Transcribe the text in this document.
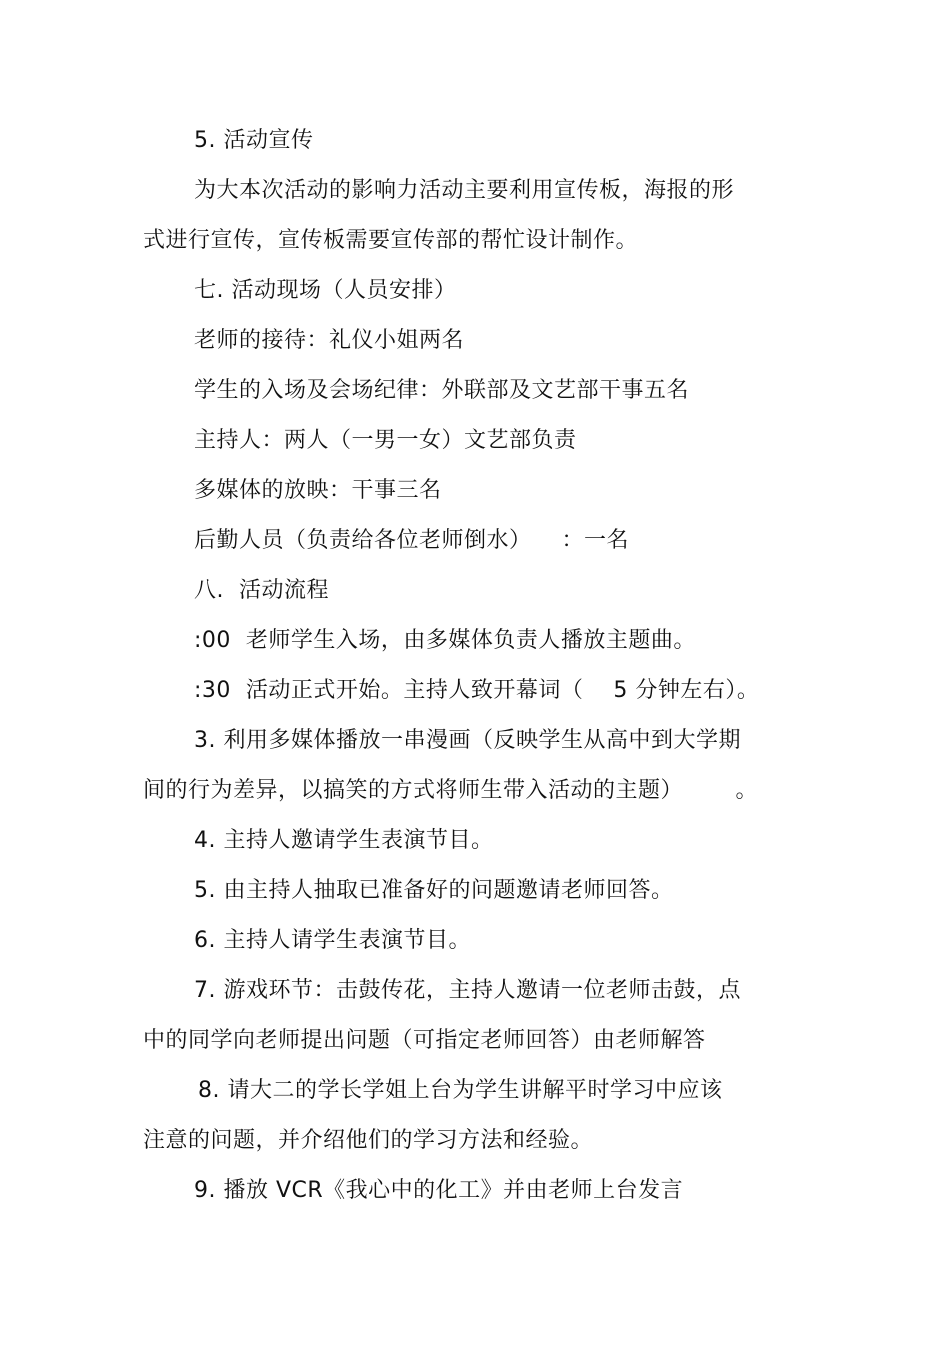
5. 活动宣传
为大本次活动的影响力活动主要利用宣传板，海报的形
式进行宣传，宣传板需要宣传部的帮忙设计制作。
七. 活动现场（人员安排）
老师的接待：礼仪小姐两名
学生的入场及会场纪律：外联部及文艺部干事五名
主持人：两人（一男一女）文艺部负责
多媒体的放映：干事三名
后勤人员（负责给各位老师倒水）    ：一名
八.  活动流程
:00  老师学生入场，由多媒体负责人播放主题曲。
:30  活动正式开始。主持人致开幕词（    5 分钟左右）。
3. 利用多媒体播放一串漫画（反映学生从高中到大学期
间的行为差异，以搞笑的方式将师生带入活动的主题）       。
4. 主持人邀请学生表演节目。
5. 由主持人抽取已准备好的问题邀请老师回答。
6. 主持人请学生表演节目。
7. 游戏环节：击鼓传花，主持人邀请一位老师击鼓，点
中的同学向老师提出问题（可指定老师回答）由老师解答
8. 请大二的学长学姐上台为学生讲解平时学习中应该
注意的问题，并介绍他们的学习方法和经验。
9. 播放 VCR《我心中的化工》并由老师上台发言
